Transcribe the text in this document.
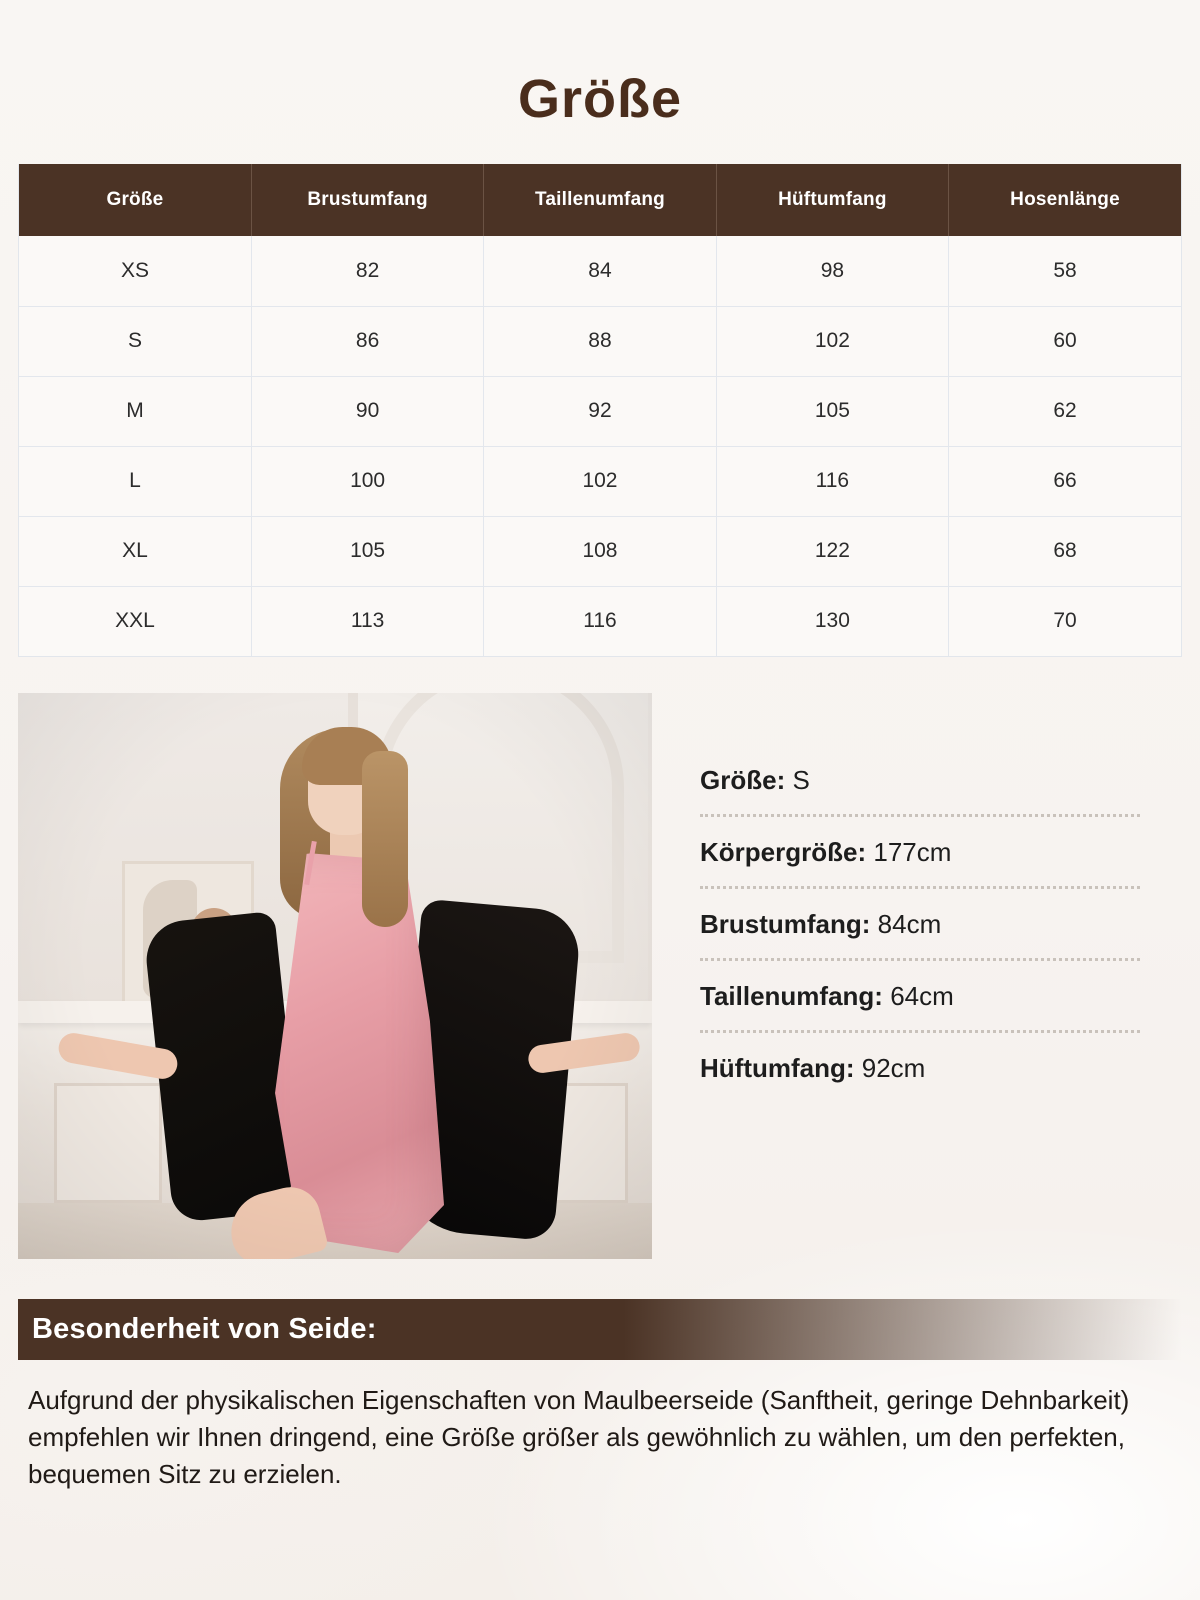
Größe
Größe	Brustumfang	Taillenumfang	Hüftumfang	Hosenlänge
XS	82	84	98	58
S	86	88	102	60
M	90	92	105	62
L	100	102	116	66
XL	105	108	122	68
XXL	113	116	130	70
Größe: S
Körpergröße: 177cm
Brustumfang: 84cm
Taillenumfang: 64cm
Hüftumfang: 92cm
Besonderheit von Seide:
Aufgrund der physikalischen Eigenschaften von Maulbeerseide (Sanftheit, geringe Dehnbarkeit) empfehlen wir Ihnen dringend, eine Größe größer als gewöhnlich zu wählen, um den perfekten, bequemen Sitz zu erzielen.
